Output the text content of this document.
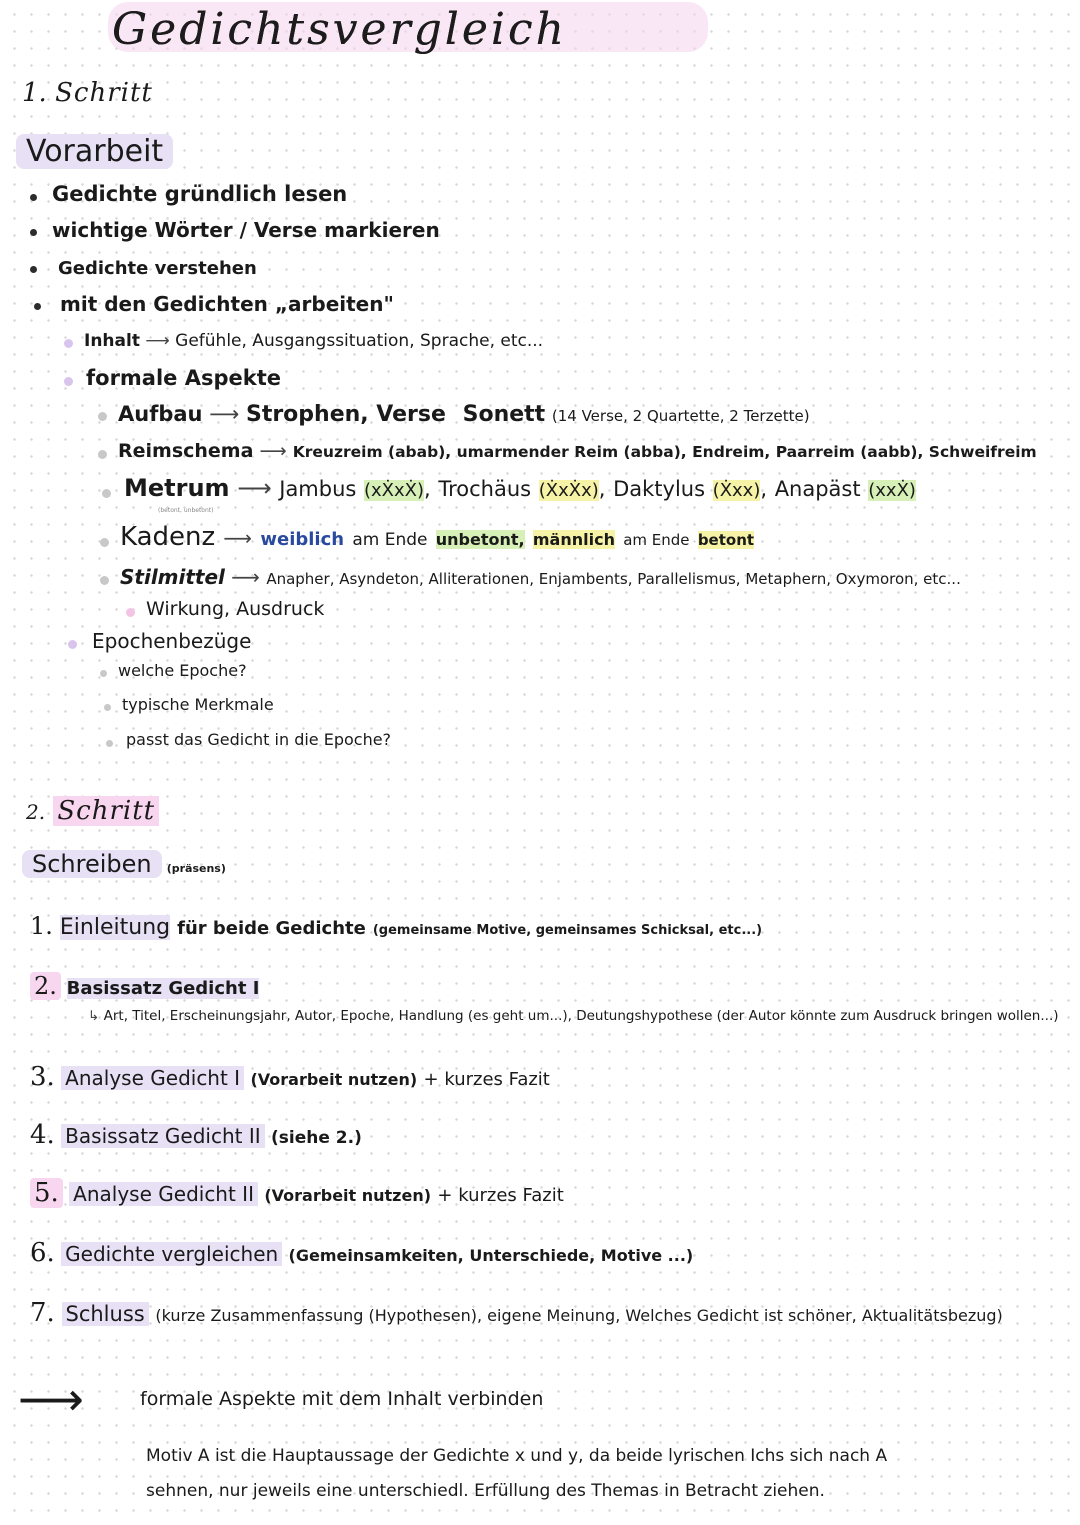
Gedichtsvergleich
1. Schritt
Vorarbeit
Gedichte gründlich lesen
wichtige Wörter / Verse markieren
Gedichte verstehen
mit den Gedichten „arbeiten"
Inhalt ⟶ Gefühle, Ausgangssituation, Sprache, etc...
formale Aspekte
Aufbau ⟶ Strophen, Verse Sonett (14 Verse, 2 Quartette, 2 Terzette)
Reimschema ⟶ Kreuzreim (abab), umarmender Reim (abba), Endreim, Paarreim (aabb), Schweifreim
Metrum ⟶ Jambus (xẊxẊ), Trochäus (ẊxẊx), Daktylus (Ẋxx), Anapäst (xxẊ)
(betont, unbetont)
Kadenz ⟶ weiblich am Ende unbetont, männlich am Ende betont
Stilmittel ⟶ Anapher, Asyndeton, Alliterationen, Enjambents, Parallelismus, Metaphern, Oxymoron, etc...
Wirkung, Ausdruck
Epochenbezüge
welche Epoche?
typische Merkmale
passt das Gedicht in die Epoche?
2. Schritt
Schreiben (präsens)
1. Einleitung für beide Gedichte (gemeinsame Motive, gemeinsames Schicksal, etc...)
2. Basissatz Gedicht I
↳ Art, Titel, Erscheinungsjahr, Autor, Epoche, Handlung (es geht um...), Deutungshypothese (der Autor könnte zum Ausdruck bringen wollen...)
3. Analyse Gedicht I (Vorarbeit nutzen) + kurzes Fazit
4. Basissatz Gedicht II (siehe 2.)
5. Analyse Gedicht II (Vorarbeit nutzen) + kurzes Fazit
6. Gedichte vergleichen (Gemeinsamkeiten, Unterschiede, Motive ...)
7. Schluss (kurze Zusammenfassung (Hypothesen), eigene Meinung, Welches Gedicht ist schöner, Aktualitätsbezug)
⟶	formale Aspekte mit dem Inhalt verbinden
Motiv A ist die Hauptaussage der Gedichte x und y, da beide lyrischen Ichs sich nach A
sehnen, nur jeweils eine unterschiedl. Erfüllung des Themas in Betracht ziehen.
